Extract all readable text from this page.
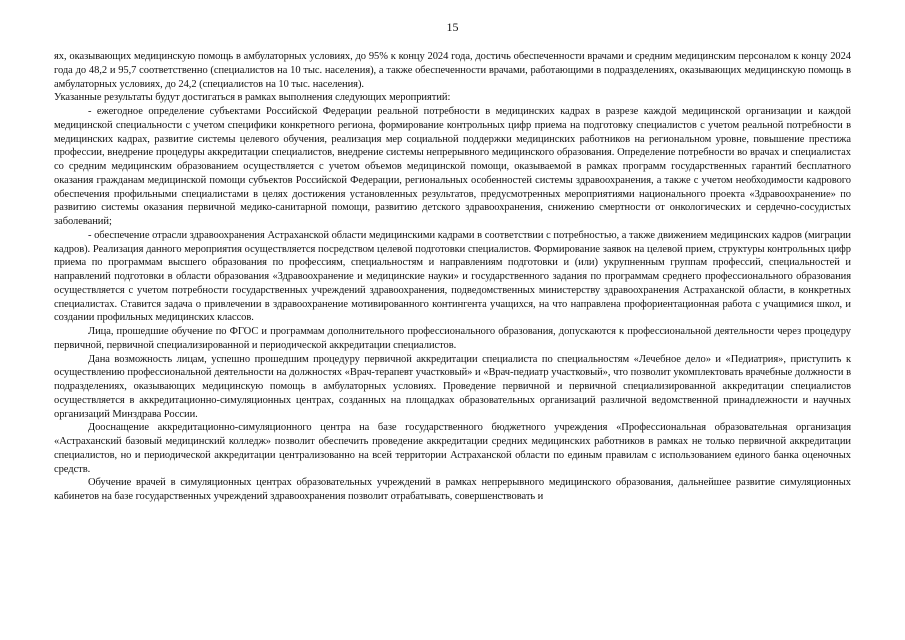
15

ях, оказывающих медицинскую помощь в амбулаторных условиях, до 95% к концу 2024 года, достичь обеспеченности врачами и средним медицинским персоналом к концу 2024 года до 48,2 и 95,7 соответственно (специалистов на 10 тыс. населения), а также обеспеченности врачами, работающими в подразделениях, оказывающих медицинскую помощь в амбулаторных условиях, до 24,2 (специалистов на 10 тыс. населения).

Указанные результаты будут достигаться в рамках выполнения следующих мероприятий:

- ежегодное определение субъектами Российской Федерации реальной потребности в медицинских кадрах в разрезе каждой медицинской организации и каждой медицинской специальности с учетом специфики конкретного региона, формирование контрольных цифр приема на подготовку специалистов с учетом реальной потребности в медицинских кадрах, развитие системы целевого обучения, реализация мер социальной поддержки медицинских работников на региональном уровне, повышение престижа профессии, внедрение процедуры аккредитации специалистов, внедрение системы непрерывного медицинского образования. Определение потребности во врачах и специалистах со средним медицинским образованием осуществляется с учетом объемов медицинской помощи, оказываемой в рамках программ государственных гарантий бесплатного оказания гражданам медицинской помощи субъектов Российской Федерации, региональных особенностей системы здравоохранения, а также с учетом необходимости кадрового обеспечения профильными специалистами в целях достижения установленных результатов, предусмотренных мероприятиями национального проекта «Здравоохранение» по развитию системы оказания первичной медико-санитарной помощи, развитию детского здравоохранения, снижению смертности от онкологических и сердечно-сосудистых заболеваний;

- обеспечение отрасли здравоохранения Астраханской области медицинскими кадрами в соответствии с потребностью, а также движением медицинских кадров (миграции кадров). Реализация данного мероприятия осуществляется посредством целевой подготовки специалистов. Формирование заявок на целевой прием, структуры контрольных цифр приема по программам высшего образования по профессиям, специальностям и направлениям подготовки и (или) укрупненным группам профессий, специальностей и направлений подготовки в области образования «Здравоохранение и медицинские науки» и государственного задания по программам среднего профессионального образования осуществляется с учетом потребности государственных учреждений здравоохранения, подведомственных министерству здравоохранения Астраханской области, в конкретных специалистах. Ставится задача о привлечении в здравоохранение мотивированного контингента учащихся, на что направлена профориентационная работа с учащимися школ, и создании профильных медицинских классов.

Лица, прошедшие обучение по ФГОС и программам дополнительного профессионального образования, допускаются к профессиональной деятельности через процедуру первичной, первичной специализированной и периодической аккредитации специалистов.

Дана возможность лицам, успешно прошедшим процедуру первичной аккредитации специалиста по специальностям «Лечебное дело» и «Педиатрия», приступить к осуществлению профессиональной деятельности на должностях «Врач-терапевт участковый» и «Врач-педиатр участковый», что позволит укомплектовать врачебные должности в подразделениях, оказывающих медицинскую помощь в амбулаторных условиях. Проведение первичной и первичной специализированной аккредитации специалистов осуществляется в аккредитационно-симуляционных центрах, созданных на площадках образовательных организаций различной ведомственной принадлежности и научных организаций Минздрава России.

Дооснащение аккредитационно-симуляционного центра на базе государственного бюджетного учреждения «Профессиональная образовательная организация «Астраханский базовый медицинский колледж» позволит обеспечить проведение аккредитации средних медицинских работников в рамках не только первичной аккредитации специалистов, но и периодической аккредитации централизованно на всей территории Астраханской области по единым правилам с использованием единого банка оценочных средств.

Обучение врачей в симуляционных центрах образовательных учреждений в рамках непрерывного медицинского образования, дальнейшее развитие симуляционных кабинетов на базе государственных учреждений здравоохранения позволит отрабатывать, совершенствовать и
